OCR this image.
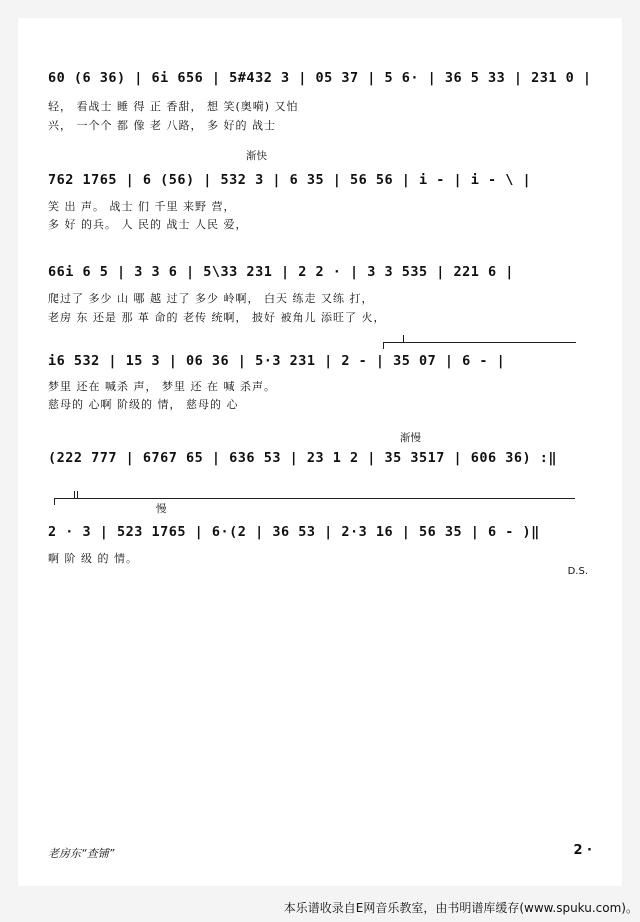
60 (6 36) | 6i 656 | 5#432 3 | 05 37 | 5 6· | 36 5 33 | 231 0 |
轻， 看战士 睡 得 正 香甜， 想 笑(奥嗬) 又怕
兴， 一个个 都 像 老 八路， 多 好的 战士
渐快
762 1765 | 6 (56) | 532 3 | 6 35 | 56 56 | i - | i - \ |
笑 出 声。 战士 们 千里 来野 营，
多 好 的兵。 人 民的 战士 人民 爱，
66i 6 5 | 3 3 6 | 5\33 231 | 2 2 · | 3 3 535 | 221 6 |
爬过了 多少 山 哪 越 过了 多少 岭啊， 白天 练走 又练 打，
老房 东 还是 那 革 命的 老传 统啊， 披好 被角儿 添旺了 火，
I
i6 532 | 15 3 | 06 36 | 5·3 231 | 2 - | 35 07 | 6 - |
梦里 还在 喊杀 声， 梦里 还 在 喊 杀声。
慈母的 心啊 阶级的 情， 慈母的 心
渐慢
(222 777 | 6767 65 | 636 53 | 23 1 2 | 35 3517 | 606 36) :‖
II
慢
2 · 3 | 523 1765 | 6·(2 | 36 53 | 2·3 16 | 56 35 | 6 - )‖
啊 阶 级 的 情。
D.S.
老房东“查铺”	2 ·
本乐谱收录自E网音乐教室，由书明谱库缓存(www.spuku.com)。
